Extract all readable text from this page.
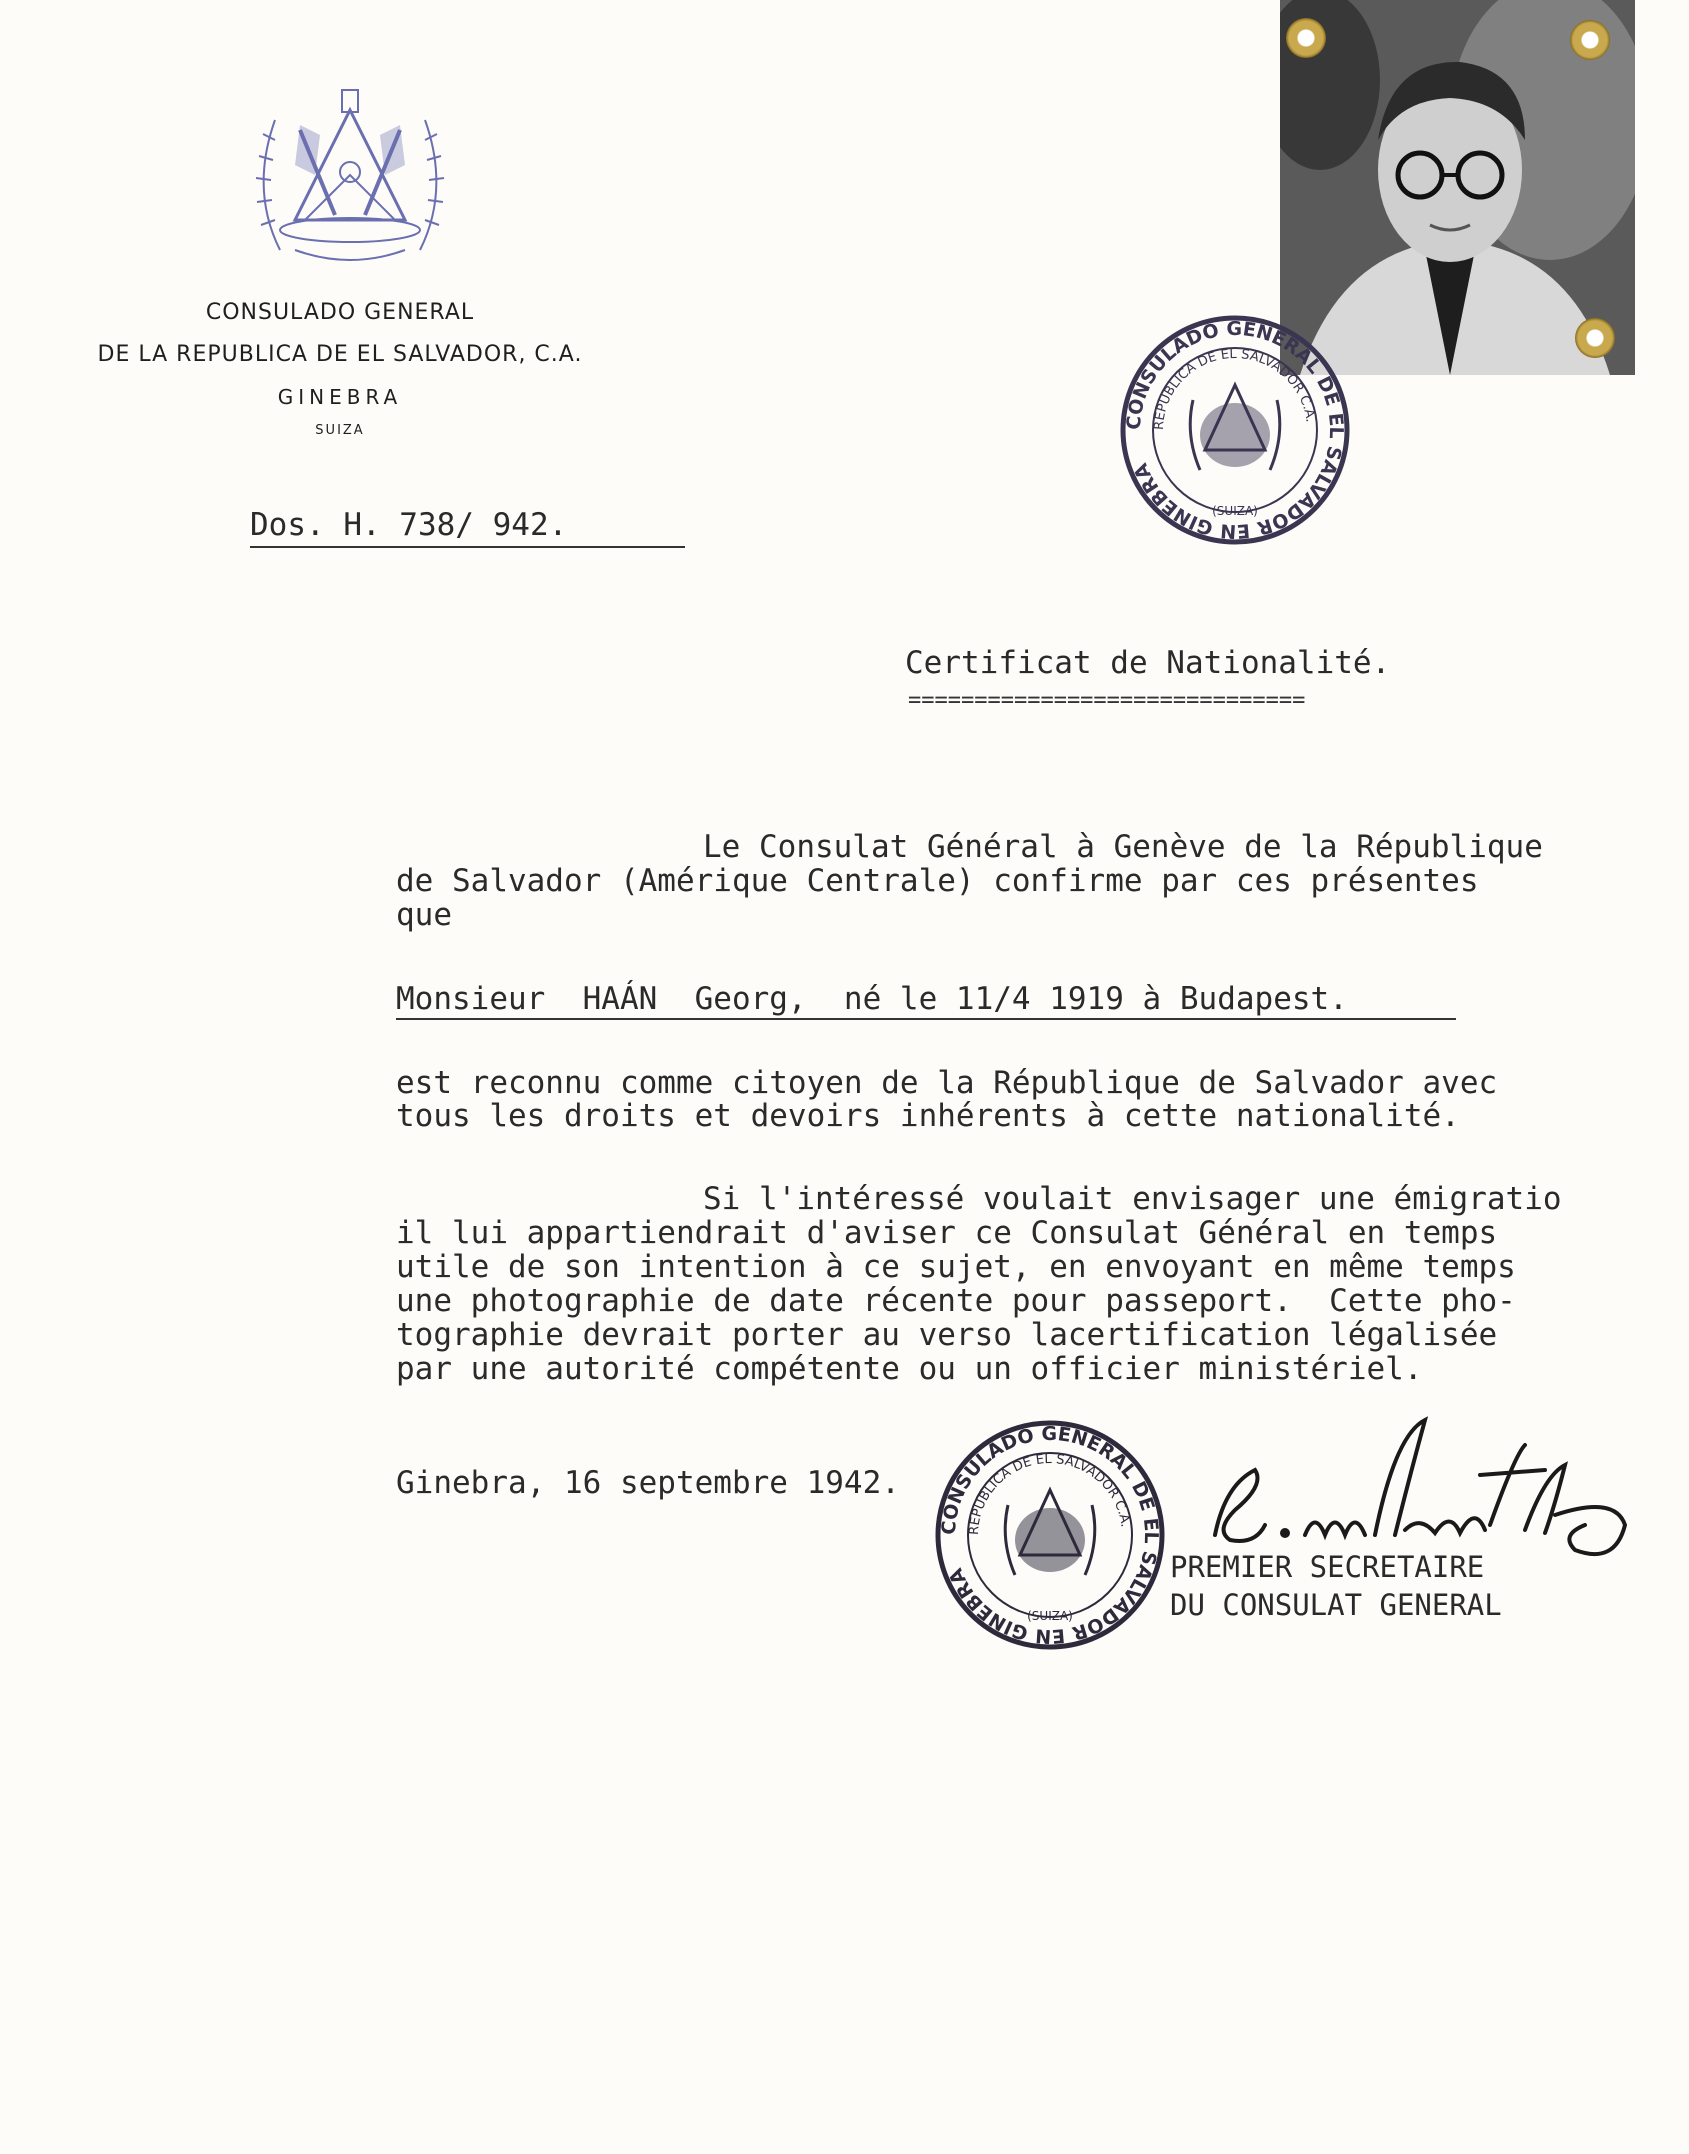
CONSULADO GENERAL
DE LA REPUBLICA DE EL SALVADOR, C.A.
GINEBRA
SUIZA
CONSULADO GENERAL DE EL SALVADOR EN GINEBRA
REPUBLICA DE EL SALVADOR C.A.
(SUIZA)
Dos. H. 738/ 942.
Certificat de Nationalité.
==============================
Le Consulat Général à Genève de la République
de Salvador (Amérique Centrale) confirme par ces présentes
que
Monsieur  HAÁN  Georg,  né le 11/4 1919 à Budapest.
est reconnu comme citoyen de la République de Salvador avec
tous les droits et devoirs inhérents à cette nationalité.
Si l'intéressé voulait envisager une émigratio
il lui appartiendrait d'aviser ce Consulat Général en temps
utile de son intention à ce sujet, en envoyant en même temps
une photographie de date récente pour passeport.  Cette pho-
tographie devrait porter au verso lacertification légalisée
par une autorité compétente ou un officier ministériel.
Ginebra, 16 septembre 1942.
CONSULADO GENERAL DE EL SALVADOR EN GINEBRA
REPUBLICA DE EL SALVADOR C.A.
(SUIZA)
PREMIER SECRETAIRE
DU CONSULAT GENERAL
